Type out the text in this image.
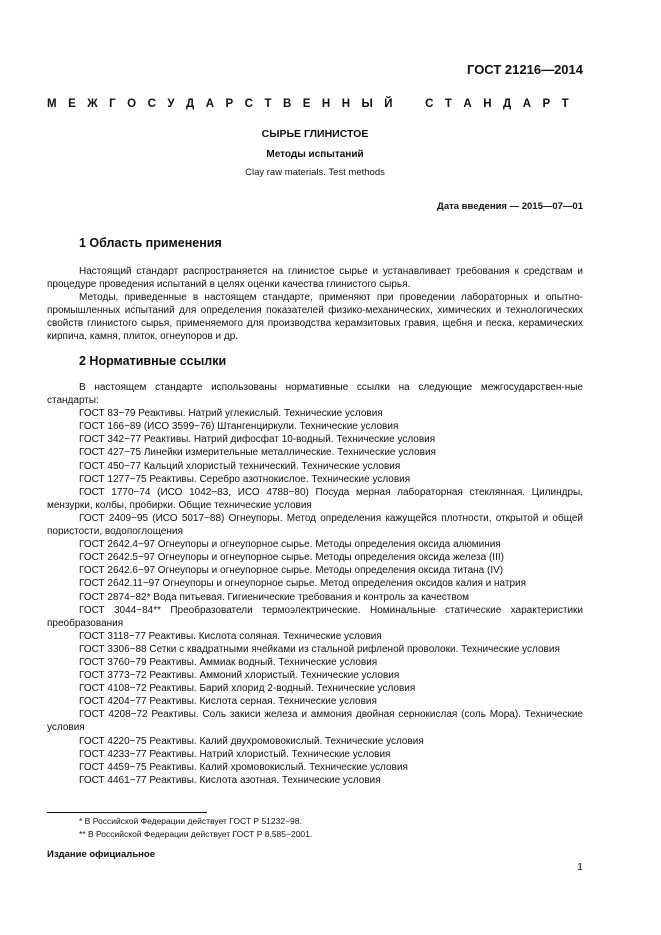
ГОСТ 21216—2014
М Е Ж Г О С У Д А Р С Т В Е Н Н Ы Й
	С Т А Н Д А Р Т
СЫРЬЕ ГЛИНИСТОЕ
Методы испытаний
Clay raw materials. Test methods
Дата введения — 2015—07—01
1 Область применения

Настоящий стандарт распространяется на глинистое сырье и устанавливает требования к средствам и процедуре проведения испытаний в целях оценки качества глинистого сырья.

Методы, приведенные в настоящем стандарте, применяют при проведении лабораторных и опытно-промышленных испытаний для определения показателей физико-механических, химических и технологических свойств глинистого сырья, применяемого для производства керамзитовых гравия, щебня и песка, керамических кирпича, камня, плиток, огнеупоров и др.

2 Нормативные ссылки

В настоящем стандарте использованы нормативные ссылки на следующие межгосударствен-ные стандарты:

ГОСТ 83−79 Реактивы. Натрий углекислый. Технические условия

ГОСТ 166−89 (ИСО 3599−76) Штангенциркули. Технические условия

ГОСТ 342−77 Реактивы. Натрий дифосфат 10-водный. Технические условия

ГОСТ 427−75 Линейки измерительные металлические. Технические условия

ГОСТ 450−77 Кальций хлористый технический. Технические условия

ГОСТ 1277−75 Реактивы. Серебро азотнокислое. Технические условия

ГОСТ 1770−74 (ИСО 1042−83, ИСО 4788−80) Посуда мерная лабораторная стеклянная. Цилиндры, мензурки, колбы, пробирки. Общие технические условия

ГОСТ 2409−95 (ИСО 5017−88) Огнеупоры. Метод определения кажущейся плотности, открытой и общей пористости, водопоглощения

ГОСТ 2642.4−97 Огнеупоры и огнеупорное сырье. Методы определения оксида алюминия

ГОСТ 2642.5−97 Огнеупоры и огнеупорное сырье. Методы определения оксида железа (III)

ГОСТ 2642.6−97 Огнеупоры и огнеупорное сырье. Методы определения оксида титана (IV)

ГОСТ 2642.11−97 Огнеупоры и огнеупорное сырье. Метод определения оксидов калия и натрия

ГОСТ 2874−82* Вода питьевая. Гигиенические требования и контроль за качеством

ГОСТ 3044−84** Преобразователи термоэлектрические. Номинальные статические характеристики преобразования

ГОСТ 3118−77 Реактивы. Кислота соляная. Технические условия

ГОСТ 3306−88 Сетки с квадратными ячейками из стальной рифленой проволоки. Технические условия

ГОСТ 3760−79 Реактивы. Аммиак водный. Технические условия

ГОСТ 3773−72 Реактивы. Аммоний хлористый. Технические условия

ГОСТ 4108−72 Реактивы. Барий хлорид 2-водный. Технические условия

ГОСТ 4204−77 Реактивы. Кислота серная. Технические условия

ГОСТ 4208−72 Реактивы. Соль закиси железа и аммония двойная сернокислая (соль Мора). Технические условия

ГОСТ 4220−75 Реактивы. Калий двухромовокислый. Технические условия

ГОСТ 4233−77 Реактивы. Натрий хлористый. Технические условия

ГОСТ 4459−75 Реактивы. Калий хромовокислый. Технические условия

ГОСТ 4461−77 Реактивы. Кислота азотная. Технические условия

* В Российской Федерации действует ГОСТ Р 51232−98.
** В Российской Федерации действует ГОСТ Р 8.585−2001.
Издание официальное
1
